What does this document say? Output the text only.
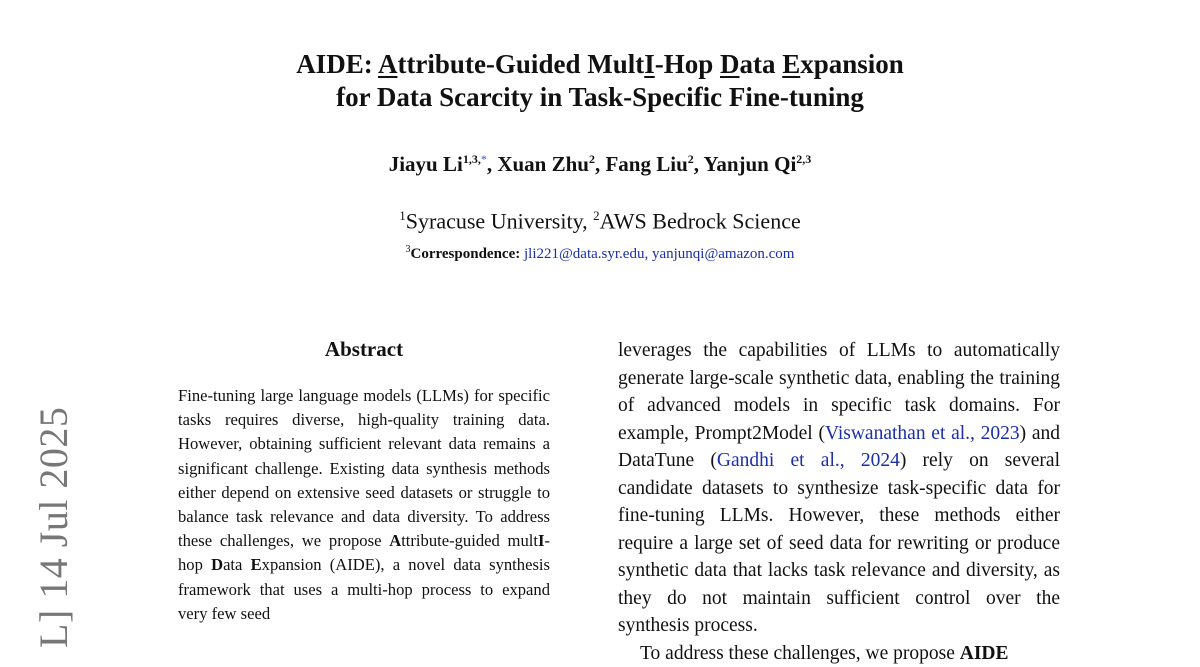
AIDE: Attribute-Guided MultI-Hop Data Expansion
for Data Scarcity in Task-Specific Fine-tuning
Jiayu $Li^{1,3,*}$, Xuan Zhu$^2$, Fang Liu$^2$, Yanjun Qi$^{2,3}$
$^1$Syracuse University, $^2$AWS Bedrock Science
$^3$Correspondence: jli221@data.syr.edu, yanjunqi@amazon.com
L] 14 Jul 2025
Abstract

Fine-tuning large language models (LLMs) for specific tasks requires diverse, high-quality training data. However, obtaining sufficient relevant data remains a significant challenge. Existing data synthesis methods either depend on extensive seed datasets or struggle to balance task relevance and data diversity. To address these challenges, we propose Attribute-guided multI-hop Data Expansion (AIDE), a novel data synthesis framework that uses a multi-hop process to expand very few seed

leverages the capabilities of LLMs to automatically generate large-scale synthetic data, enabling the training of advanced models in specific task domains. For example, Prompt2Model (Viswanathan et al., 2023) and DataTune (Gandhi et al., 2024) rely on several candidate datasets to synthesize task-specific data for fine-tuning LLMs. However, these methods either require a large set of seed data for rewriting or produce synthetic data that lacks task relevance and diversity, as they do not maintain sufficient control over the synthesis process.

To address these challenges, we propose AIDE
